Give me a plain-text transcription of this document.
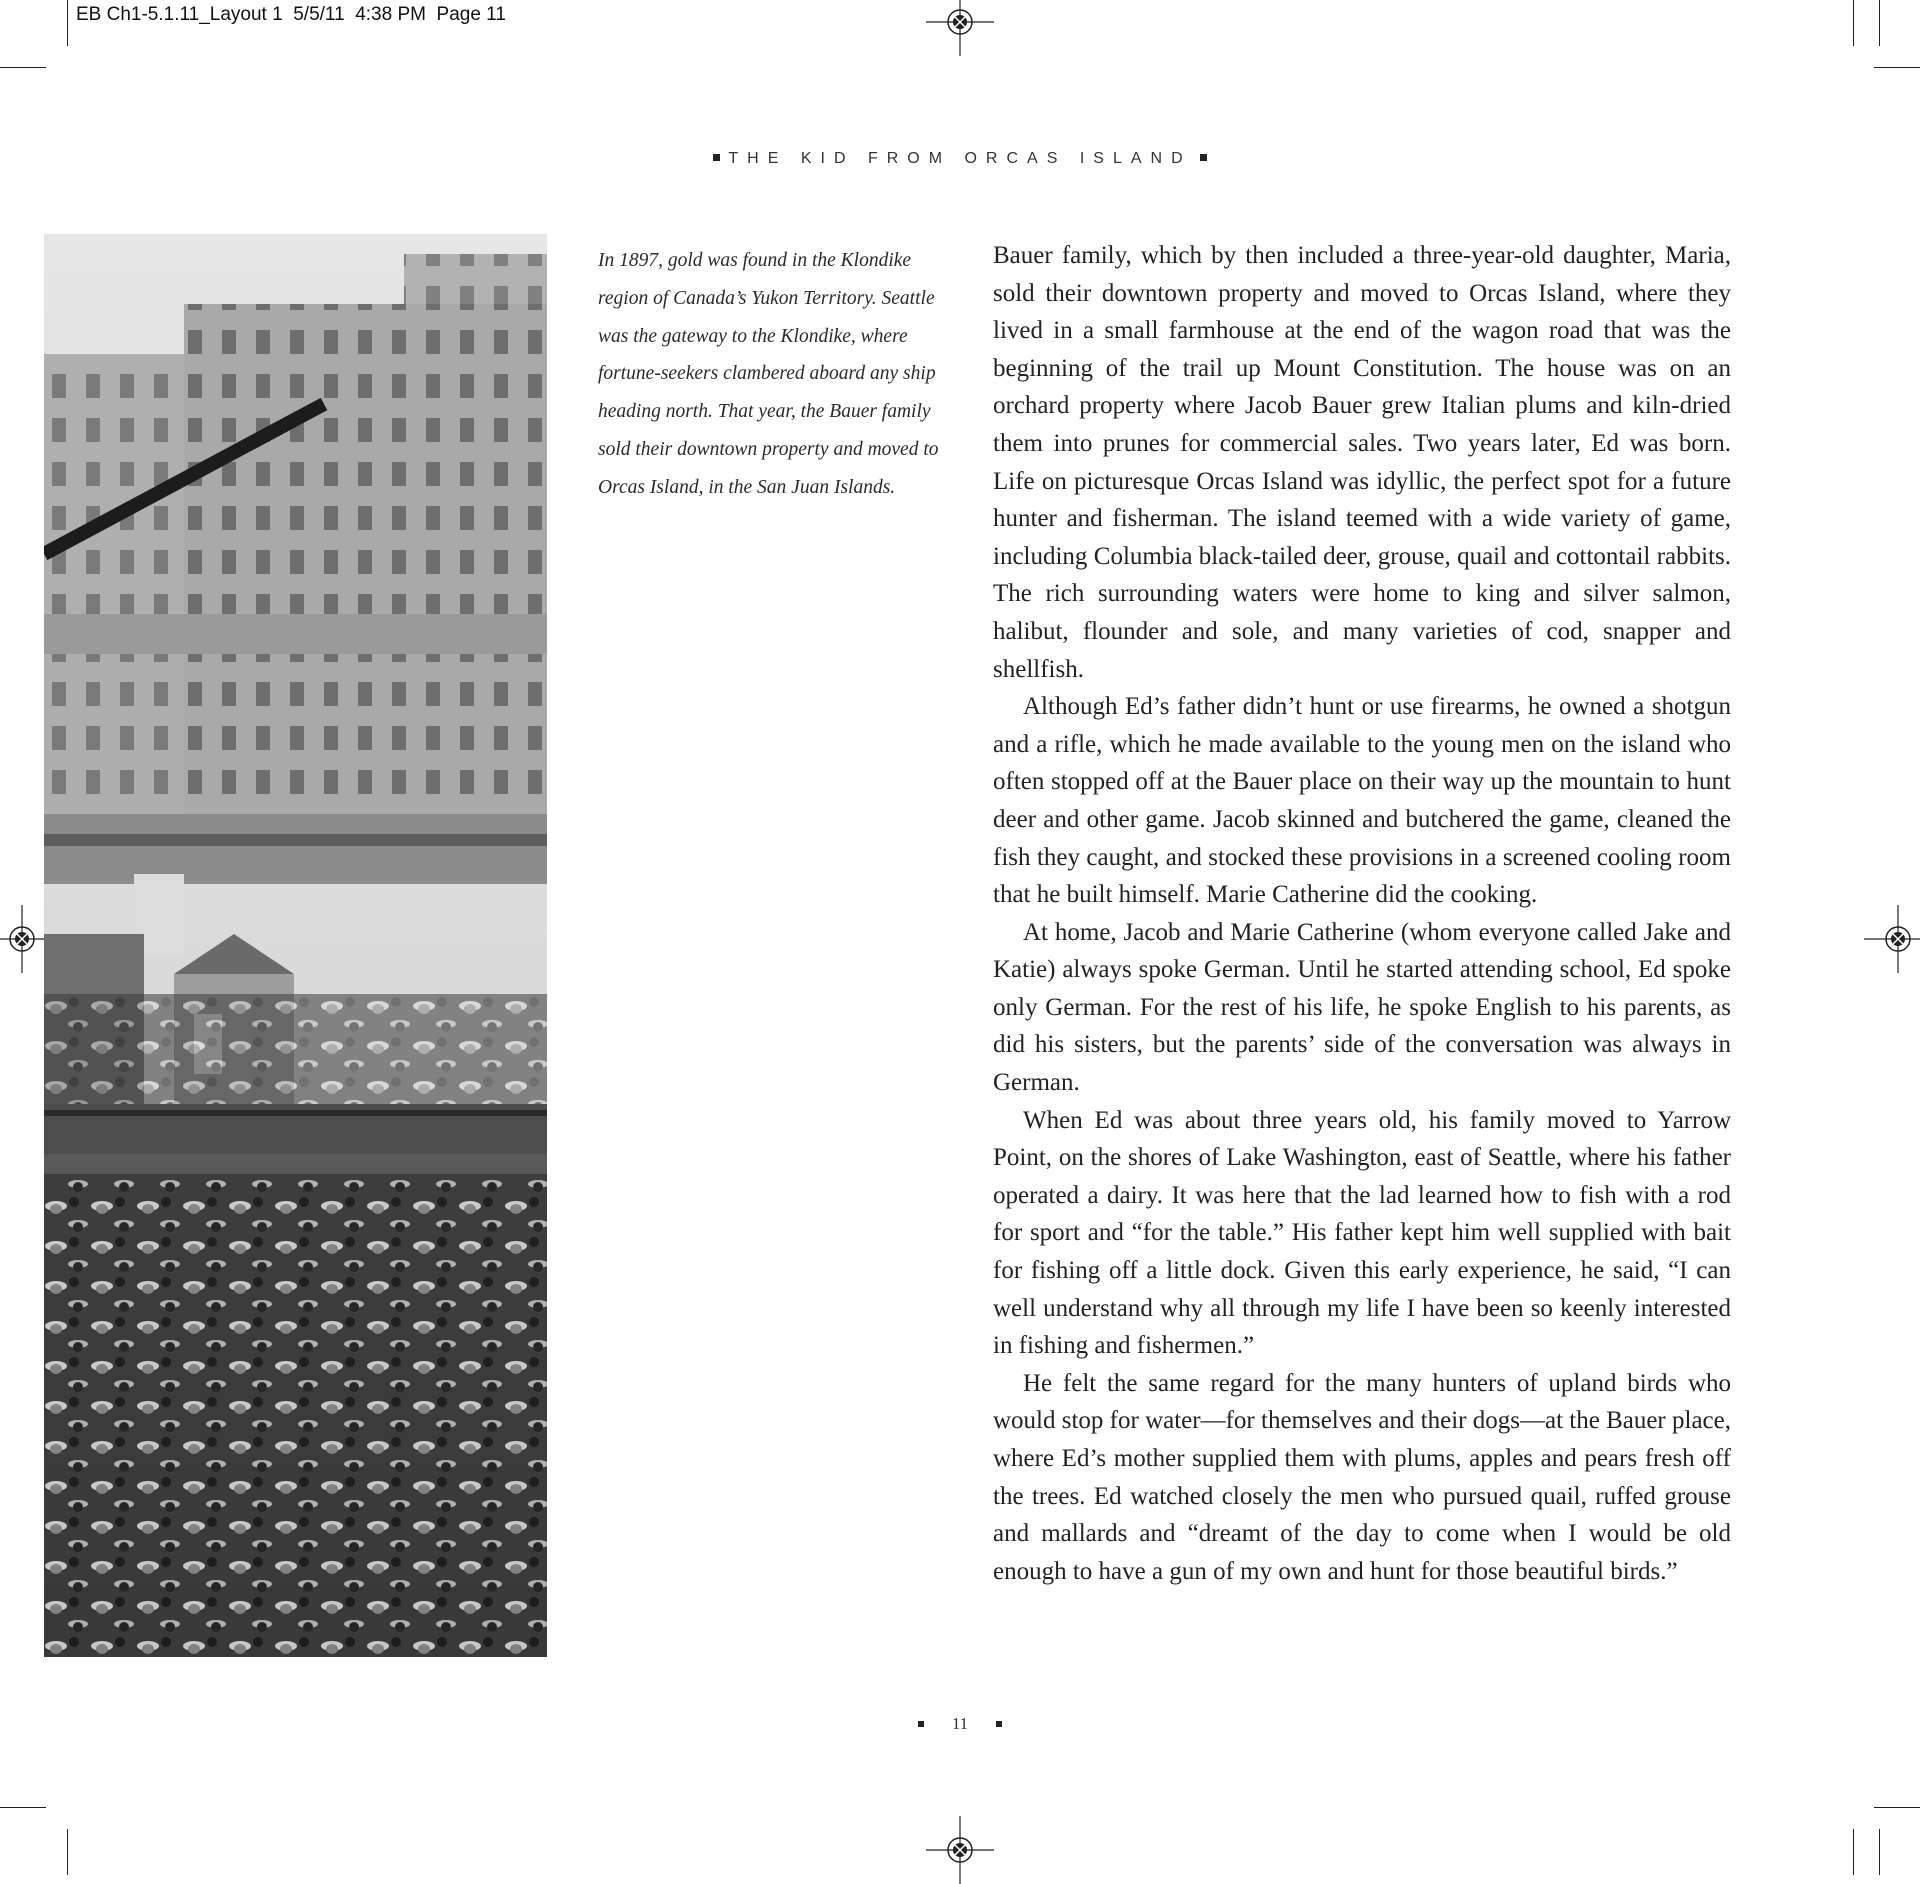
EB Ch1-5.1.11_Layout 1  5/5/11  4:38 PM  Page 11
THE KID FROM ORCAS ISLAND

In 1897, gold was found in the Klondike region of Canada’s Yukon Territory. Seattle was the gateway to the Klondike, where fortune-seekers clambered aboard any ship heading north. That year, the Bauer family sold their downtown property and moved to Orcas Island, in the San Juan Islands.

Bauer family, which by then included a three-year-old daughter, Maria, sold their downtown property and moved to Orcas Island, where they lived in a small farmhouse at the end of the wagon road that was the beginning of the trail up Mount Constitution. The house was on an orchard property where Jacob Bauer grew Italian plums and kiln-dried them into prunes for commercial sales. Two years later, Ed was born. Life on picturesque Orcas Island was idyllic, the perfect spot for a future hunter and fisherman. The island teemed with a wide variety of game, including Columbia black-tailed deer, grouse, quail and cottontail rabbits. The rich surrounding waters were home to king and silver salmon, halibut, flounder and sole, and many varieties of cod, snapper and shellfish.

Although Ed’s father didn’t hunt or use firearms, he owned a shotgun and a rifle, which he made available to the young men on the island who often stopped off at the Bauer place on their way up the mountain to hunt deer and other game. Jacob skinned and butchered the game, cleaned the fish they caught, and stocked these provisions in a screened cooling room that he built himself. Marie Catherine did the cooking.

At home, Jacob and Marie Catherine (whom everyone called Jake and Katie) always spoke German. Until he started attending school, Ed spoke only German. For the rest of his life, he spoke English to his parents, as did his sisters, but the parents’ side of the conversation was always in German.

When Ed was about three years old, his family moved to Yarrow Point, on the shores of Lake Washington, east of Seattle, where his father operated a dairy. It was here that the lad learned how to fish with a rod for sport and “for the table.” His father kept him well supplied with bait for fishing off a little dock. Given this early experience, he said, “I can well understand why all through my life I have been so keenly interested in fishing and fishermen.”

He felt the same regard for the many hunters of upland birds who would stop for water—for themselves and their dogs—at the Bauer place, where Ed’s mother supplied them with plums, apples and pears fresh off the trees. Ed watched closely the men who pursued quail, ruffed grouse and mallards and “dreamt of the day to come when I would be old enough to have a gun of my own and hunt for those beautiful birds.”

11
